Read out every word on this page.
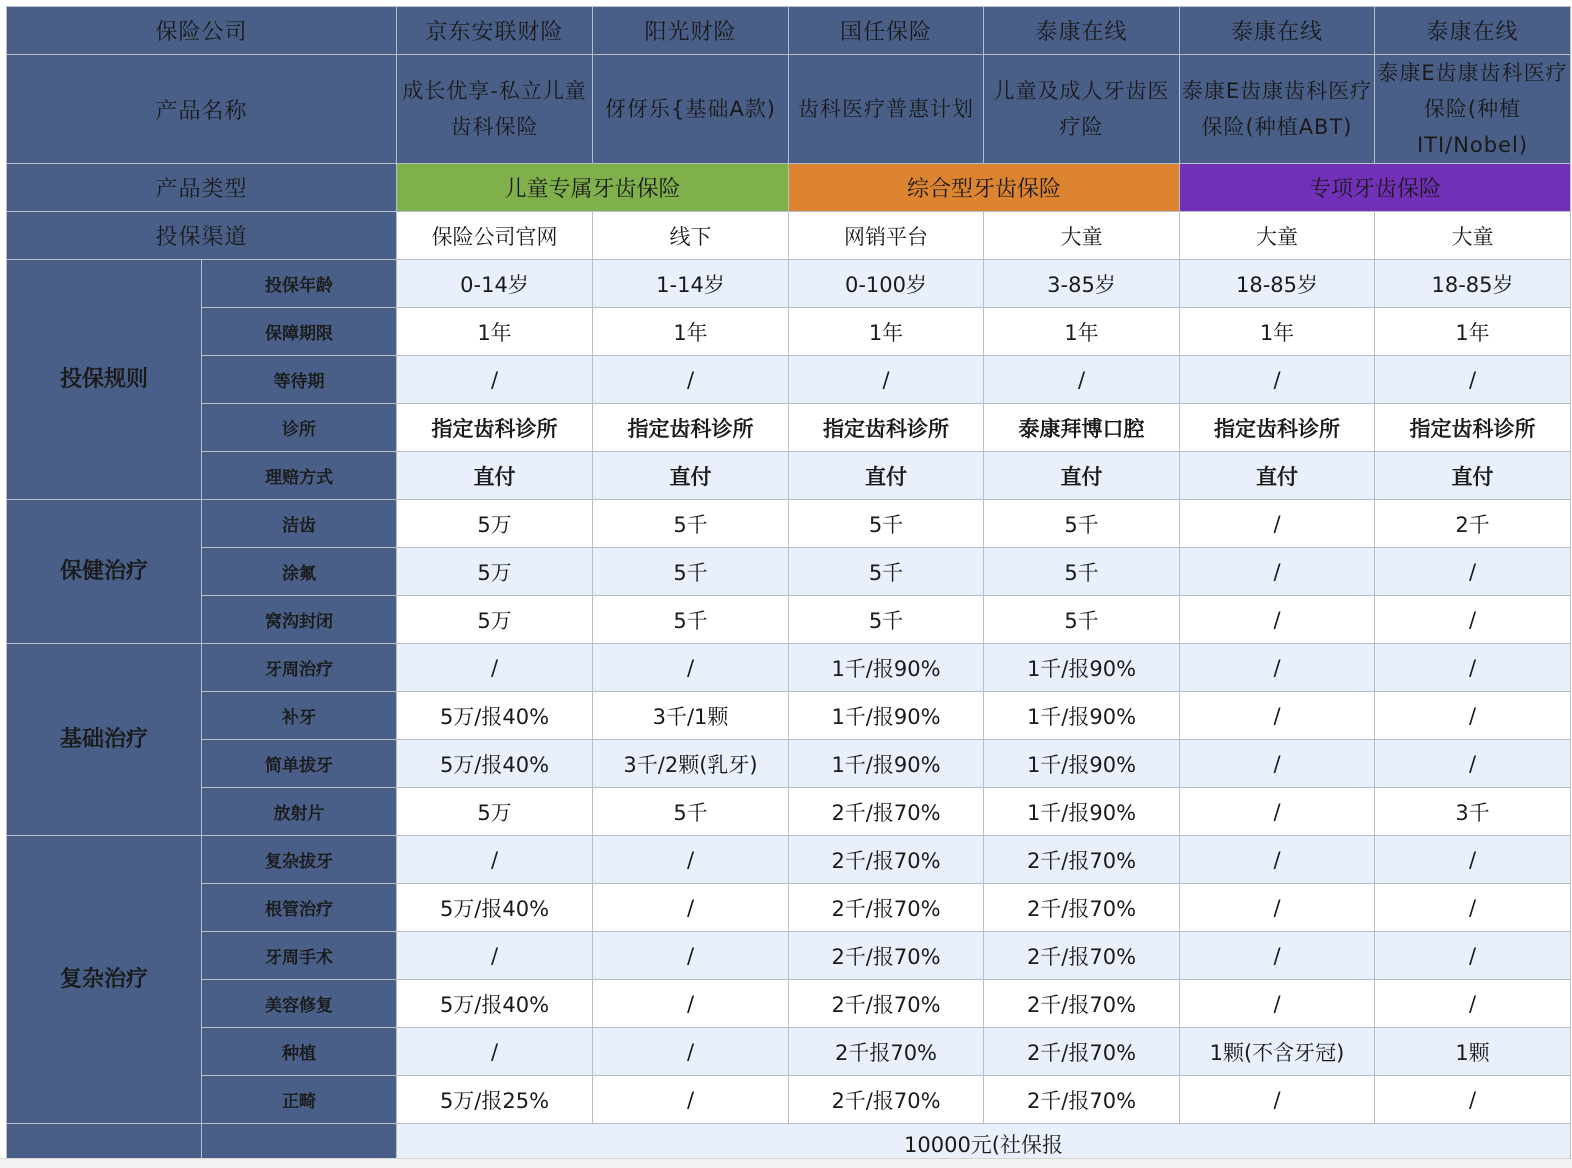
保险公司		京东安联财险	阳光财险	国任保险	泰康在线	泰康在线	泰康在线
产品名称		成长优享-私立儿童齿科保险	伢伢乐{基础A款)	齿科医疗普惠计划	儿童及成人牙齿医疗险	泰康E齿康齿科医疗保险(种植ABT)	泰康E齿康齿科医疗保险(种植ITI/Nobel)
产品类型		儿童专属牙齿保险		综合型牙齿保险		专项牙齿保险	
投保渠道		保险公司官网	线下	网销平台	大童	大童	大童
投保规则	投保年龄	0-14岁	1-14岁	0-100岁	3-85岁	18-85岁	18-85岁
	保障期限	1年	1年	1年	1年	1年	1年
	等待期	/	/	/	/	/	/
	诊所	指定齿科诊所	指定齿科诊所	指定齿科诊所	泰康拜博口腔	指定齿科诊所	指定齿科诊所
	理赔方式	直付	直付	直付	直付	直付	直付
保健治疗	洁齿	5万	5千	5千	5千	/	2千
	涂氟	5万	5千	5千	5千	/	/
	窝沟封闭	5万	5千	5千	5千	/	/
基础治疗	牙周治疗	/	/	1千/报90%	1千/报90%	/	/
	补牙	5万/报40%	3千/1颗	1千/报90%	1千/报90%	/	/
	简单拔牙	5万/报40%	3千/2颗(乳牙)	1千/报90%	1千/报90%	/	/
	放射片	5万	5千	2千/报70%	1千/报90%	/	3千
复杂治疗	复杂拔牙	/	/	2千/报70%	2千/报70%	/	/
	根管治疗	5万/报40%	/	2千/报70%	2千/报70%	/	/
	牙周手术	/	/	2千/报70%	2千/报70%	/	/
	美容修复	5万/报40%	/	2千/报70%	2千/报70%	/	/
	种植	/	/	2千报70%	2千/报70%	1颗(不含牙冠)	1颗
	正畸	5万/报25%	/	2千/报70%	2千/报70%	/	/
		10000元(社保报					
